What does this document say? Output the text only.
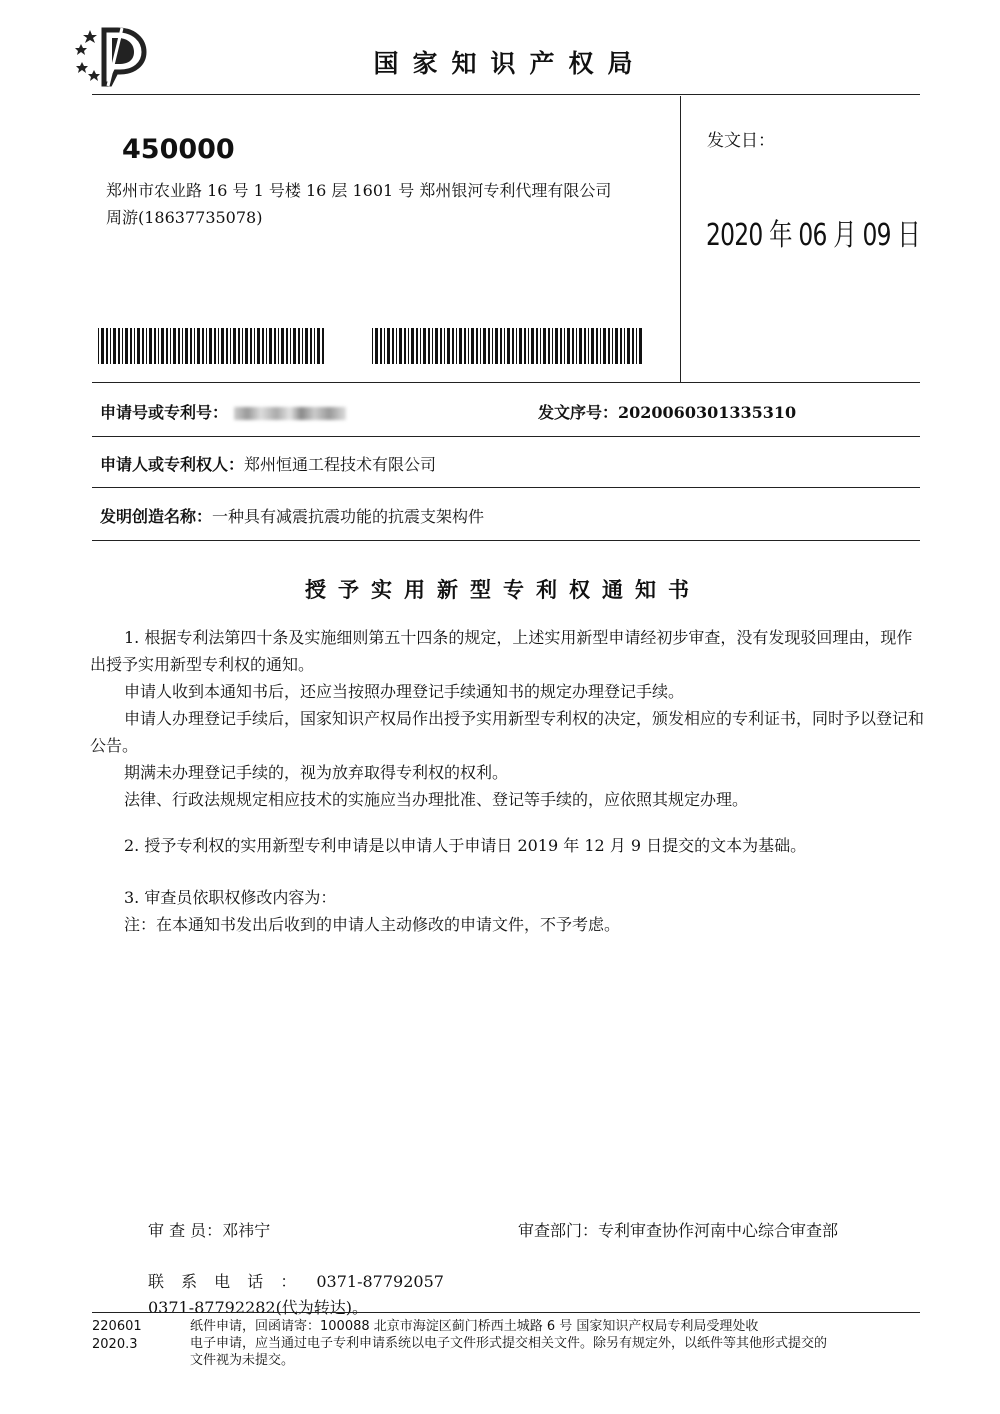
国家知识产权局
450000
郑州市农业路 16 号 1 号楼 16 层 1601 号 郑州银河专利代理有限公司
周游(18637735078)
发文日：
2020 年 06 月 09 日
申请号或专利号：	发文序号：2020060301335310
申请人或专利权人：郑州恒通工程技术有限公司
发明创造名称：一种具有减震抗震功能的抗震支架构件
授予实用新型专利权通知书

1. 根据专利法第四十条及实施细则第五十四条的规定，上述实用新型申请经初步审查，没有发现驳回理由，现作出授予实用新型专利权的通知。

申请人收到本通知书后，还应当按照办理登记手续通知书的规定办理登记手续。

申请人办理登记手续后，国家知识产权局作出授予实用新型专利权的决定，颁发相应的专利证书，同时予以登记和公告。

期满未办理登记手续的，视为放弃取得专利权的权利。

法律、行政法规规定相应技术的实施应当办理批准、登记等手续的，应依照其规定办理。

2. 授予专利权的实用新型专利申请是以申请人于申请日 2019 年 12 月 9 日提交的文本为基础。

3. 审查员依职权修改内容为：

注：在本通知书发出后收到的申请人主动修改的申请文件，不予考虑。

审 查 员：邓祎宁	审查部门：专利审查协作河南中心综合审查部
联 系 电 话 ： 0371-87792057
0371-87792282(代为转达)。
220601
2020.3
纸件申请，回函请寄：100088 北京市海淀区蓟门桥西土城路 6 号 国家知识产权局专利局受理处收
电子申请，应当通过电子专利申请系统以电子文件形式提交相关文件。除另有规定外，以纸件等其他形式提交的
文件视为未提交。
